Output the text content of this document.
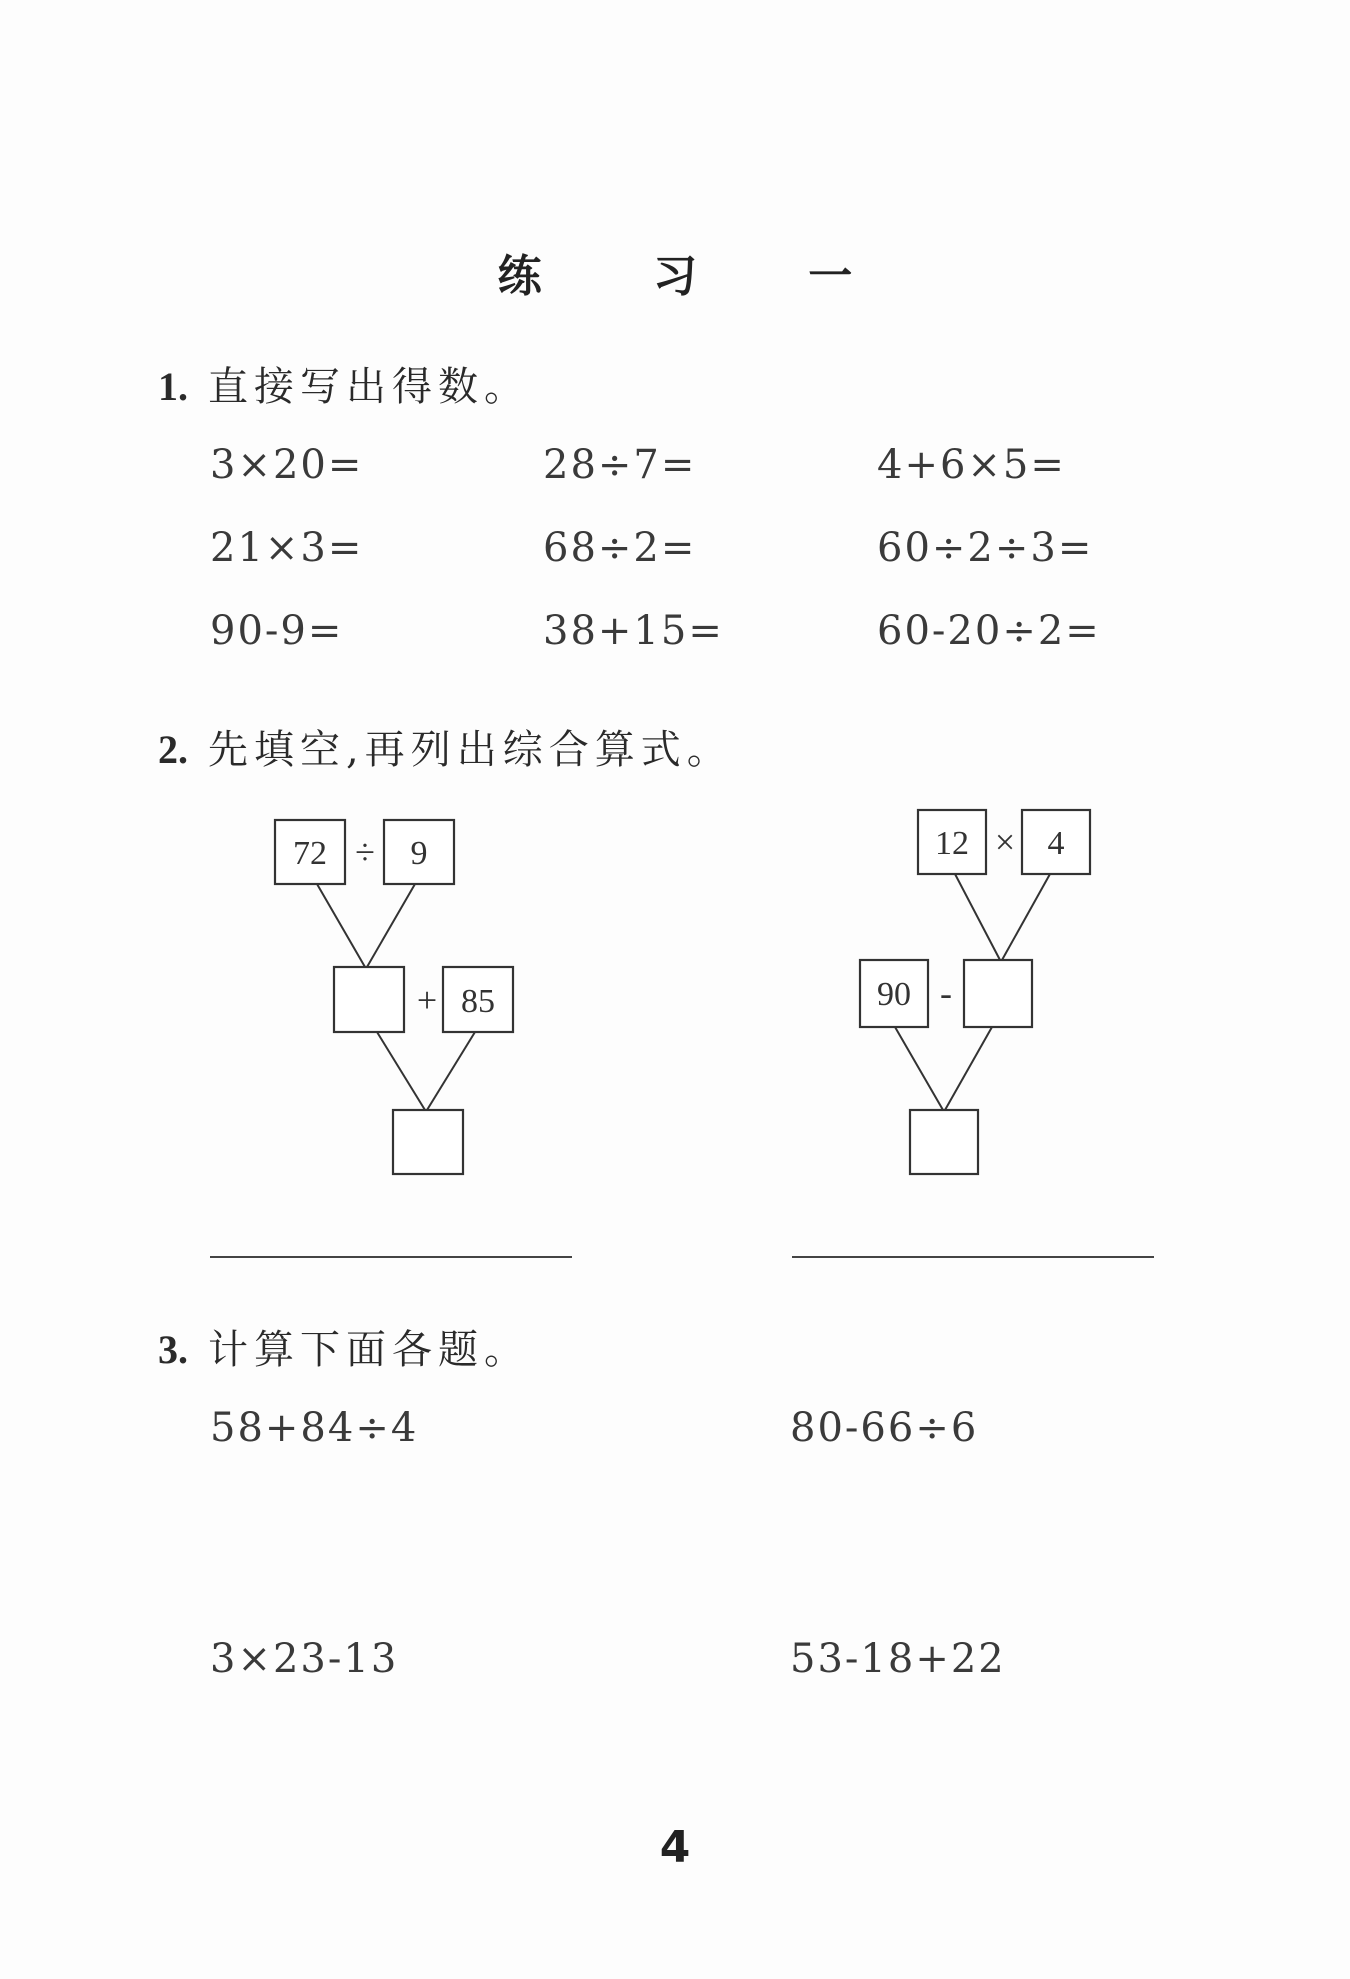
练 习 一
1. 直接写出得数。
3×20=	28÷7=	4+6×5=
21×3=	68÷2=	60÷2÷3=
90-9=	38+15=	60-20÷2=
2. 先填空,再列出综合算式。
72 ÷ 9
+ 85
12 × 4
90 -
3. 计算下面各题。
58+84÷4	80-66÷6
3×23-13	53-18+22
4
